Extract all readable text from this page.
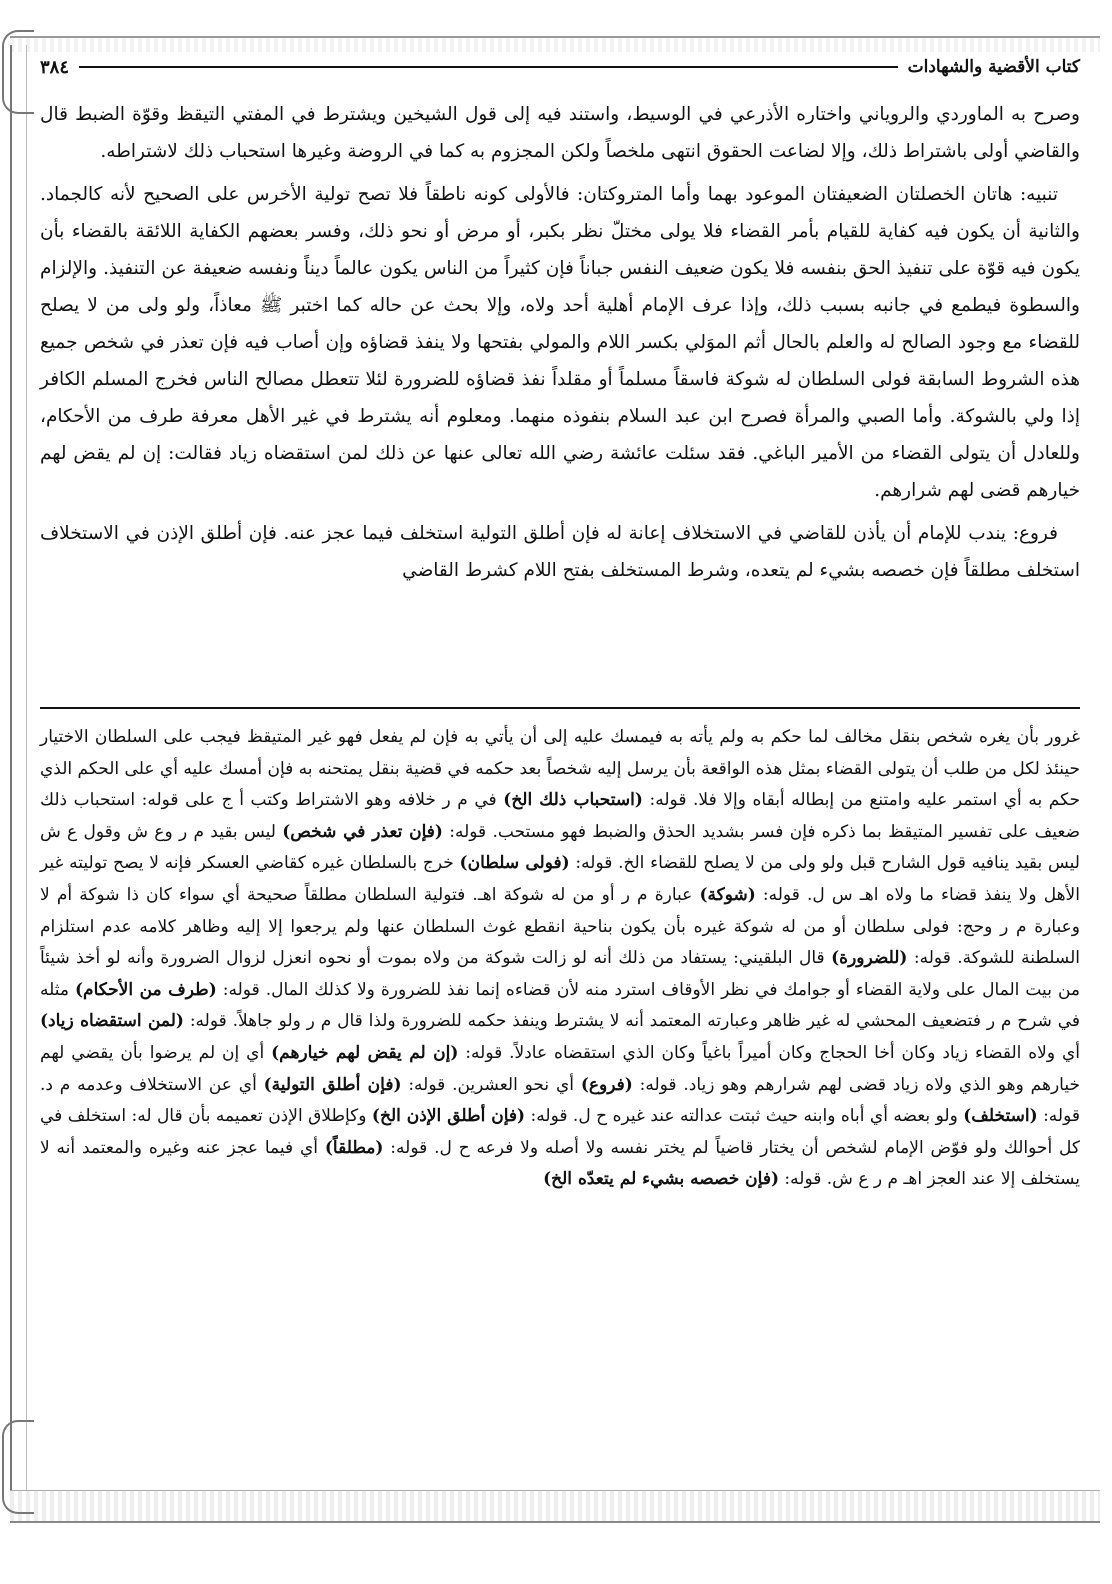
كتاب الأقضية والشهادات
٣٨٤

وصرح به الماوردي والروياني واختاره الأذرعي في الوسيط، واستند فيه إلى قول الشيخين ويشترط في المفتي التيقظ وقوّة الضبط قال والقاضي أولى باشتراط ذلك، وإلا لضاعت الحقوق انتهى ملخصاً ولكن المجزوم به كما في الروضة وغيرها استحباب ذلك لاشتراطه.

تنبيه: هاتان الخصلتان الضعيفتان الموعود بهما وأما المتروكتان: فالأولى كونه ناطقاً فلا تصح تولية الأخرس على الصحيح لأنه كالجماد. والثانية أن يكون فيه كفاية للقيام بأمر القضاء فلا يولى مختلّ نظر بكبر، أو مرض أو نحو ذلك، وفسر بعضهم الكفاية اللائقة بالقضاء بأن يكون فيه قوّة على تنفيذ الحق بنفسه فلا يكون ضعيف النفس جباناً فإن كثيراً من الناس يكون عالماً ديناً ونفسه ضعيفة عن التنفيذ. والإلزام والسطوة فيطمع في جانبه بسبب ذلك، وإذا عرف الإمام أهلية أحد ولاه، وإلا بحث عن حاله كما اختبر ﷺ معاذاً، ولو ولى من لا يصلح للقضاء مع وجود الصالح له والعلم بالحال أثم الموَلي بكسر اللام والمولي بفتحها ولا ينفذ قضاؤه وإن أصاب فيه فإن تعذر في شخص جميع هذه الشروط السابقة فولى السلطان له شوكة فاسقاً مسلماً أو مقلداً نفذ قضاؤه للضرورة لئلا تتعطل مصالح الناس فخرج المسلم الكافر إذا ولي بالشوكة. وأما الصبي والمرأة فصرح ابن عبد السلام بنفوذه منهما. ومعلوم أنه يشترط في غير الأهل معرفة طرف من الأحكام، وللعادل أن يتولى القضاء من الأمير الباغي. فقد سئلت عائشة رضي الله تعالى عنها عن ذلك لمن استقضاه زياد فقالت: إن لم يقض لهم خيارهم قضى لهم شرارهم.

فروع: يندب للإمام أن يأذن للقاضي في الاستخلاف إعانة له فإن أطلق التولية استخلف فيما عجز عنه. فإن أطلق الإذن في الاستخلاف استخلف مطلقاً فإن خصصه بشيء لم يتعده، وشرط المستخلف بفتح اللام كشرط القاضي

غرور بأن يغره شخص بنقل مخالف لما حكم به ولم يأته به فيمسك عليه إلى أن يأتي به فإن لم يفعل فهو غير المتيقظ فيجب على السلطان الاختيار حينئذ لكل من طلب أن يتولى القضاء بمثل هذه الواقعة بأن يرسل إليه شخصاً بعد حكمه في قضية بنقل يمتحنه به فإن أمسك عليه أي على الحكم الذي حكم به أي استمر عليه وامتنع من إبطاله أبقاه وإلا فلا. قوله: (استحباب ذلك الخ) في م ر خلافه وهو الاشتراط وكتب أ ج على قوله: استحباب ذلك ضعيف على تفسير المتيقظ بما ذكره فإن فسر بشديد الحذق والضبط فهو مستحب. قوله: (فإن تعذر في شخص) ليس بقيد م ر وع ش وقول ع ش ليس بقيد ينافيه قول الشارح قبل ولو ولى من لا يصلح للقضاء الخ. قوله: (فولى سلطان) خرج بالسلطان غيره كقاضي العسكر فإنه لا يصح توليته غير الأهل ولا ينفذ قضاء ما ولاه اهـ س ل. قوله: (شوكة) عبارة م ر أو من له شوكة اهـ. فتولية السلطان مطلقاً صحيحة أي سواء كان ذا شوكة أم لا وعبارة م ر وحج: فولى سلطان أو من له شوكة غيره بأن يكون بناحية انقطع غوث السلطان عنها ولم يرجعوا إلا إليه وظاهر كلامه عدم استلزام السلطنة للشوكة. قوله: (للضرورة) قال البلقيني: يستفاد من ذلك أنه لو زالت شوكة من ولاه بموت أو نحوه انعزل لزوال الضرورة وأنه لو أخذ شيئاً من بيت المال على ولاية القضاء أو جوامك في نظر الأوقاف استرد منه لأن قضاءه إنما نفذ للضرورة ولا كذلك المال. قوله: (طرف من الأحكام) مثله في شرح م ر فتضعيف المحشي له غير ظاهر وعبارته المعتمد أنه لا يشترط وينفذ حكمه للضرورة ولذا قال م ر ولو جاهلاً. قوله: (لمن استقضاه زياد) أي ولاه القضاء زياد وكان أخا الحجاج وكان أميراً باغياً وكان الذي استقضاه عادلاً. قوله: (إن لم يقض لهم خيارهم) أي إن لم يرضوا بأن يقضي لهم خيارهم وهو الذي ولاه زياد قضى لهم شرارهم وهو زياد. قوله: (فروع) أي نحو العشرين. قوله: (فإن أطلق التولية) أي عن الاستخلاف وعدمه م د. قوله: (استخلف) ولو بعضه أي أباه وابنه حيث ثبتت عدالته عند غيره ح ل. قوله: (فإن أطلق الإذن الخ) وكإطلاق الإذن تعميمه بأن قال له: استخلف في كل أحوالك ولو فوّض الإمام لشخص أن يختار قاضياً لم يختر نفسه ولا أصله ولا فرعه ح ل. قوله: (مطلقاً) أي فيما عجز عنه وغيره والمعتمد أنه لا يستخلف إلا عند العجز اهـ م ر ع ش. قوله: (فإن خصصه بشيء لم يتعدّه الخ)
